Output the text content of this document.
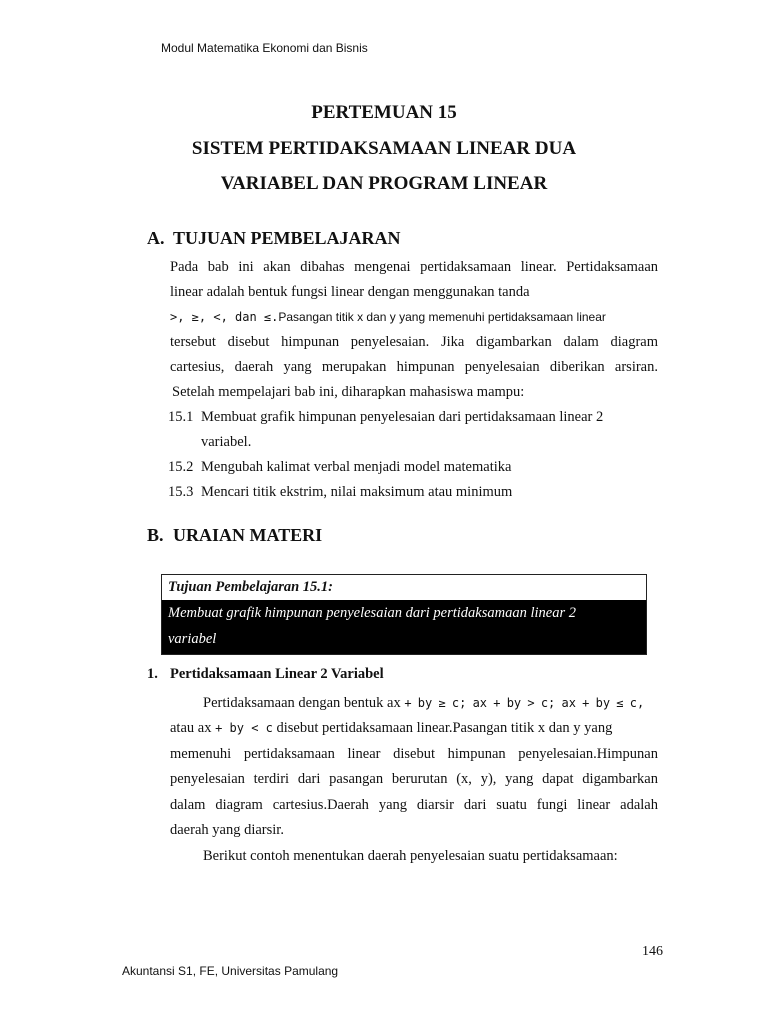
Modul Matematika Ekonomi dan Bisnis
PERTEMUAN 15
SISTEM PERTIDAKSAMAAN LINEAR DUA
VARIABEL DAN PROGRAM LINEAR
A. TUJUAN PEMBELAJARAN
Pada bab ini akan dibahas mengenai pertidaksamaan linear. Pertidaksamaan
linear adalah bentuk fungsi linear dengan menggunakan tanda
>, ≥, <, dan ≤.Pasangan titik x dan y yang memenuhi pertidaksamaan linear
tersebut disebut himpunan penyelesaian. Jika digambarkan dalam diagram
cartesius, daerah yang merupakan himpunan penyelesaian diberikan arsiran.
Setelah mempelajari bab ini, diharapkan mahasiswa mampu:
15.1 Membuat grafik himpunan penyelesaian dari pertidaksamaan linear 2
variabel.
15.2 Mengubah kalimat verbal menjadi model matematika
15.3 Mencari titik ekstrim, nilai maksimum atau minimum
B. URAIAN MATERI
Tujuan Pembelajaran 15.1:
Membuat grafik himpunan penyelesaian dari pertidaksamaan linear 2
variabel
1. Pertidaksamaan Linear 2 Variabel
Pertidaksamaan dengan bentuk ax + by ≥ c; ax + by > c; ax + by ≤ c,
atau ax + by < c disebut pertidaksamaan linear.Pasangan titik x dan y yang
memenuhi pertidaksamaan linear disebut himpunan penyelesaian.Himpunan
penyelesaian terdiri dari pasangan berurutan (x, y), yang dapat digambarkan
dalam diagram cartesius.Daerah yang diarsir dari suatu fungi linear adalah
daerah yang diarsir.
Berikut contoh menentukan daerah penyelesaian suatu pertidaksamaan:
146
Akuntansi S1, FE, Universitas Pamulang
